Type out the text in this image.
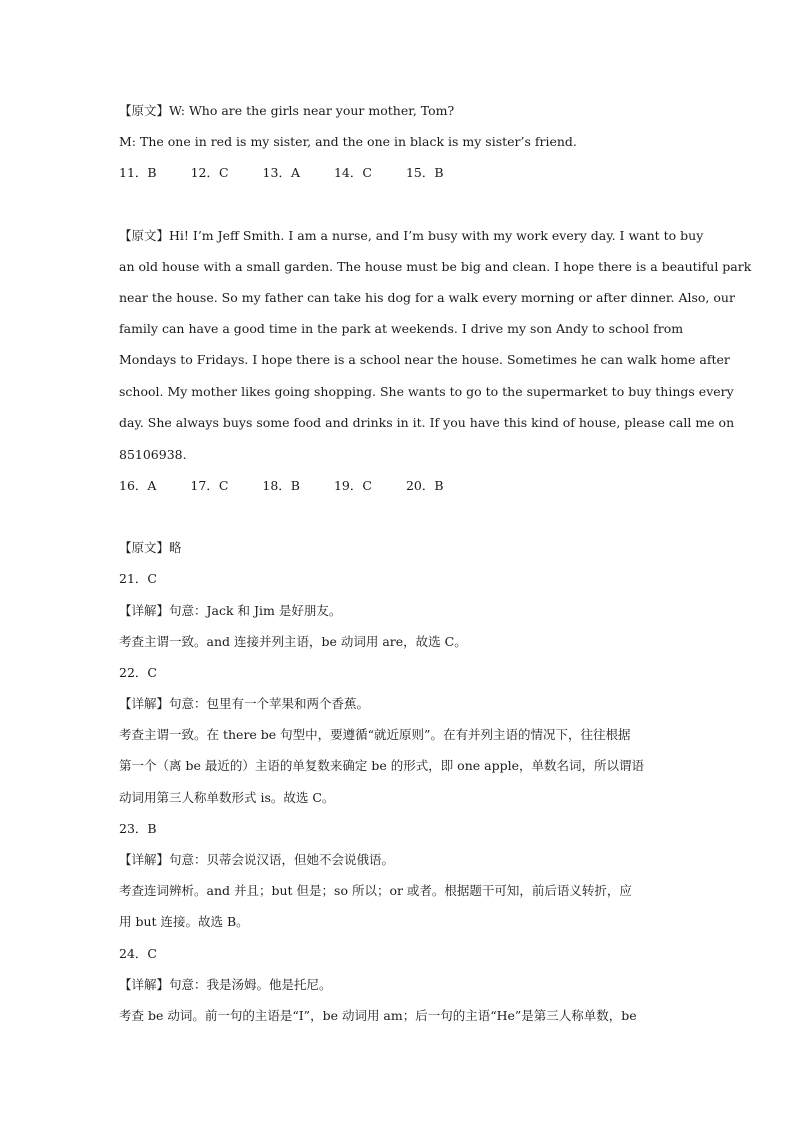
【原文】W: Who are the girls near your mother, Tom?
M: The one in red is my sister, and the one in black is my sister’s friend.
11．B	12．C	13．A	14．C	15．B
【原文】Hi! I’m Jeff Smith. I am a nurse, and I’m busy with my work every day. I want to buy
an old house with a small garden. The house must be big and clean. I hope there is a beautiful park
near the house. So my father can take his dog for a walk every morning or after dinner. Also, our
family can have a good time in the park at weekends. I drive my son Andy to school from
Mondays to Fridays. I hope there is a school near the house. Sometimes he can walk home after
school. My mother likes going shopping. She wants to go to the supermarket to buy things every
day. She always buys some food and drinks in it. If you have this kind of house, please call me on
85106938.
16．A	17．C	18．B	19．C	20．B
【原文】略
21．C
【详解】句意：Jack 和 Jim 是好朋友。
考查主谓一致。and 连接并列主语，be 动词用 are，故选 C。
22．C
【详解】句意：包里有一个苹果和两个香蕉。
考查主谓一致。在 there be 句型中，要遵循“就近原则”。在有并列主语的情况下，往往根据
第一个（离 be 最近的）主语的单复数来确定 be 的形式，即 one apple，单数名词，所以谓语
动词用第三人称单数形式 is。故选 C。
23．B
【详解】句意：贝蒂会说汉语，但她不会说俄语。
考查连词辨析。and 并且；but 但是；so 所以；or 或者。根据题干可知，前后语义转折，应
用 but 连接。故选 B。
24．C
【详解】句意：我是汤姆。他是托尼。
考查 be 动词。前一句的主语是“I”，be 动词用 am；后一句的主语“He”是第三人称单数，be
